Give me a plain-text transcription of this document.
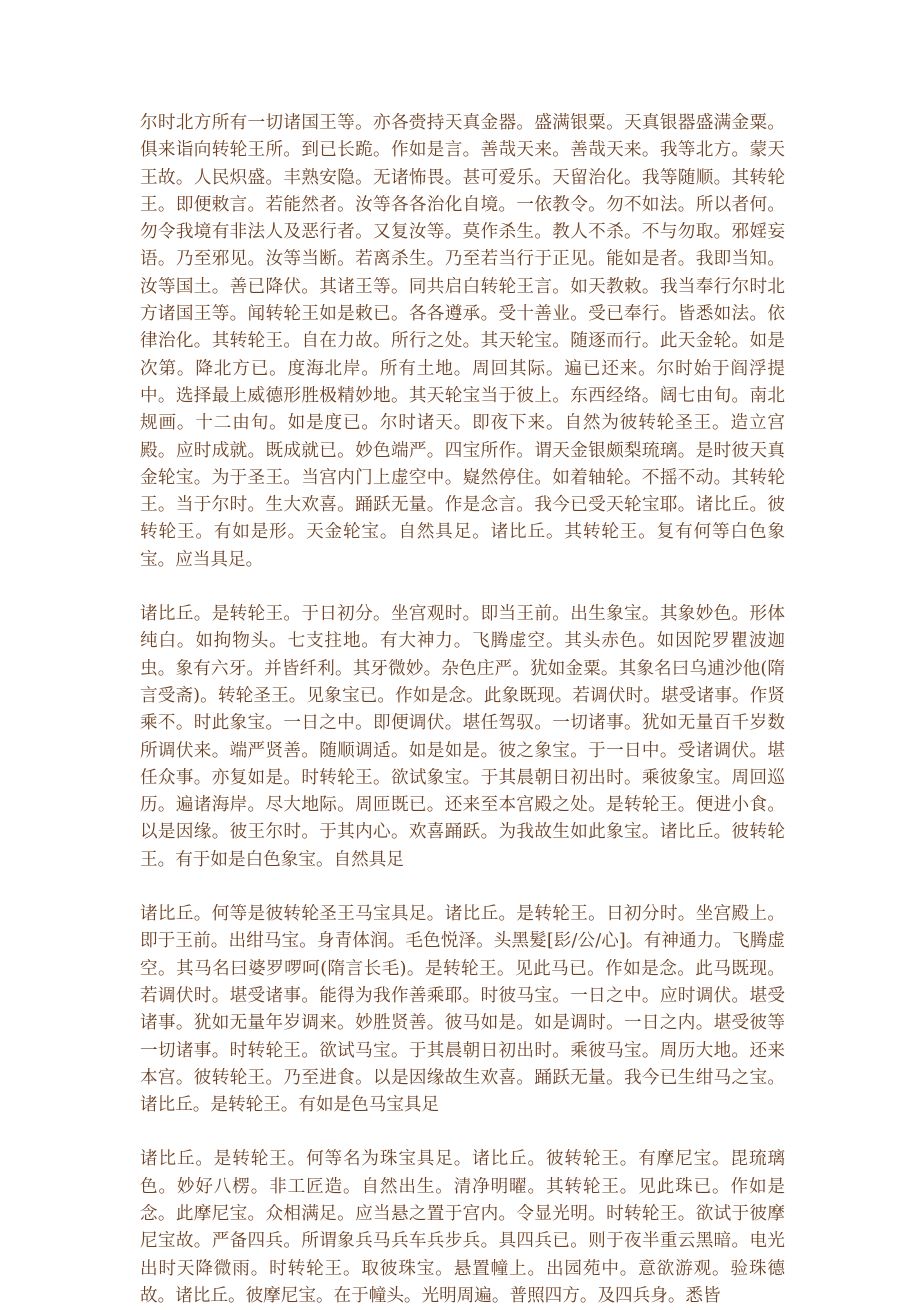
尔时北方所有一切诸国王等。亦各赍持天真金器。盛满银粟。天真银器盛满金粟。俱来诣向转轮王所。到已长跪。作如是言。善哉天来。善哉天来。我等北方。蒙天王故。人民炽盛。丰熟安隐。无诸怖畏。甚可爱乐。天留治化。我等随顺。其转轮王。即便敕言。若能然者。汝等各各治化自境。一依教令。勿不如法。所以者何。勿令我境有非法人及恶行者。又复汝等。莫作杀生。教人不杀。不与勿取。邪婬妄语。乃至邪见。汝等当断。若离杀生。乃至若当行于正见。能如是者。我即当知。汝等国土。善已降伏。其诸王等。同共启白转轮王言。如天教敕。我当奉行尔时北方诸国王等。闻转轮王如是敕已。各各遵承。受十善业。受已奉行。皆悉如法。依律治化。其转轮王。自在力故。所行之处。其天轮宝。随逐而行。此天金轮。如是次第。降北方已。度海北岸。所有土地。周回其际。遍已还来。尔时始于阎浮提中。选择最上威德形胜极精妙地。其天轮宝当于彼上。东西经络。阔七由旬。南北规画。十二由旬。如是度已。尔时诸天。即夜下来。自然为彼转轮圣王。造立宫殿。应时成就。既成就已。妙色端严。四宝所作。谓天金银颇梨琉璃。是时彼天真金轮宝。为于圣王。当宫内门上虚空中。嶷然停住。如着轴轮。不摇不动。其转轮王。当于尔时。生大欢喜。踊跃无量。作是念言。我今已受天轮宝耶。诸比丘。彼转轮王。有如是形。天金轮宝。自然具足。诸比丘。其转轮王。复有何等白色象宝。应当具足。

诸比丘。是转轮王。于日初分。坐宫观时。即当王前。出生象宝。其象妙色。形体纯白。如拘物头。七支拄地。有大神力。飞腾虚空。其头赤色。如因陀罗瞿波迦虫。象有六牙。并皆纤利。其牙微妙。杂色庄严。犹如金粟。其象名曰乌逋沙他(隋言受斋)。转轮圣王。见象宝已。作如是念。此象既现。若调伏时。堪受诸事。作贤乘不。时此象宝。一日之中。即便调伏。堪任驾驭。一切诸事。犹如无量百千岁数所调伏来。端严贤善。随顺调适。如是如是。彼之象宝。于一日中。受诸调伏。堪任众事。亦复如是。时转轮王。欲试象宝。于其晨朝日初出时。乘彼象宝。周回巡历。遍诸海岸。尽大地际。周匝既已。还来至本宫殿之处。是转轮王。便进小食。以是因缘。彼王尔时。于其内心。欢喜踊跃。为我故生如此象宝。诸比丘。彼转轮王。有于如是白色象宝。自然具足

诸比丘。何等是彼转轮圣王马宝具足。诸比丘。是转轮王。日初分时。坐宫殿上。即于王前。出绀马宝。身青体润。毛色悦泽。头黑髮[髟/公/心]。有神通力。飞腾虚空。其马名曰婆罗啰呵(隋言长毛)。是转轮王。见此马已。作如是念。此马既现。若调伏时。堪受诸事。能得为我作善乘耶。时彼马宝。一日之中。应时调伏。堪受诸事。犹如无量年岁调来。妙胜贤善。彼马如是。如是调时。一日之内。堪受彼等一切诸事。时转轮王。欲试马宝。于其晨朝日初出时。乘彼马宝。周历大地。还来本宫。彼转轮王。乃至进食。以是因缘故生欢喜。踊跃无量。我今已生绀马之宝。诸比丘。是转轮王。有如是色马宝具足

诸比丘。是转轮王。何等名为珠宝具足。诸比丘。彼转轮王。有摩尼宝。毘琉璃色。妙好八楞。非工匠造。自然出生。清净明曜。其转轮王。见此珠已。作如是念。此摩尼宝。众相满足。应当悬之置于宫内。令显光明。时转轮王。欲试于彼摩尼宝故。严备四兵。所谓象兵马兵车兵步兵。具四兵已。则于夜半重云黑暗。电光出时天降微雨。时转轮王。取彼珠宝。悬置幢上。出园苑中。意欲游观。验珠德故。诸比丘。彼摩尼宝。在于幢头。光明周遍。普照四方。及四兵身。悉皆
